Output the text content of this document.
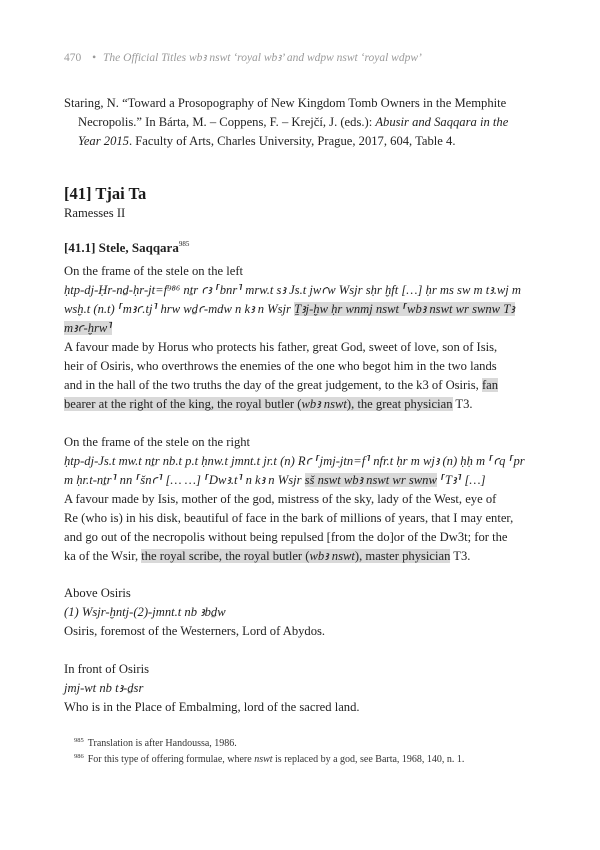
470 • The Official Titles wbꜣ nswt ‘royal wbꜣ’ and wdpw nswt ‘royal wdpw’
Staring, N. “Toward a Prosopography of New Kingdom Tomb Owners in the Memphite
Necropolis.” In Bárta, M. – Coppens, F. – Krejčí, J. (eds.): Abusir and Saqqara in the
Year 2015. Faculty of Arts, Charles University, Prague, 2017, 604, Table 4.
[41] Tjai Ta
Ramesses II
[41.1] Stele, Saqqara$^{985}$
On the frame of the stele on the left
ḥtp-dj-Ḥr-nḏ-ḥr-jt=f⁹⁸⁶ nṯr ꜥꜣ ⸢bnr⸣ mrw.t sꜣ Js.t jwꜥw Wsjr sḥr ḫft […] ḥr ms sw m tꜣ.wj m
wsḫ.t (n.t) ⸢mꜣꜥ.tj⸣ hrw wḏꜥ-mdw n kꜣ n Wsjr Ṯꜣj-ḫw ḥr wnmj nswt ⸢wbꜣ nswt wr swnw Tꜣ
mꜣꜥ-ḫrw⸣
A favour made by Horus who protects his father, great God, sweet of love, son of Isis,
heir of Osiris, who overthrows the enemies of the one who begot him in the two lands
and in the hall of the two truths the day of the great judgement, to the k3 of Osiris, fan
bearer at the right of the king, the royal butler (wbꜣ nswt), the great physician T3.
On the frame of the stele on the right
ḥtp-dj-Js.t mw.t nṯr nb.t p.t ḥnw.t jmnt.t jr.t (n) Rꜥ ⸢jmj-jtn=f⸣ nfr.t ḥr m wjꜣ (n) ḥḥ m ⸢ꜥq ⸢pr
m ḥr.t-nṯr⸣ nn ⸢šnꜥ⸣ [… …] ⸢Dwꜣ.t⸣ n kꜣ n Wsjr sš nswt wbꜣ nswt wr swnw ⸢Tꜣ⸣ […]
A favour made by Isis, mother of the god, mistress of the sky, lady of the West, eye of
Re (who is) in his disk, beautiful of face in the bark of millions of years, that I may enter,
and go out of the necropolis without being repulsed [from the do]or of the Dw3t; for the
ka of the Wsir, the royal scribe, the royal butler (wbꜣ nswt), master physician T3.
Above Osiris
(1) Wsjr-ḫntj-(2)-jmnt.t nb ꜣbḏw
Osiris, foremost of the Westerners, Lord of Abydos.
In front of Osiris
jmj-wt nb tꜣ-ḏsr
Who is in the Place of Embalming, lord of the sacred land.
$^{985}$ Translation is after Handoussa, 1986.
$^{986}$ For this type of offering formulae, where nswt is replaced by a god, see Barta, 1968, 140, n. 1.
